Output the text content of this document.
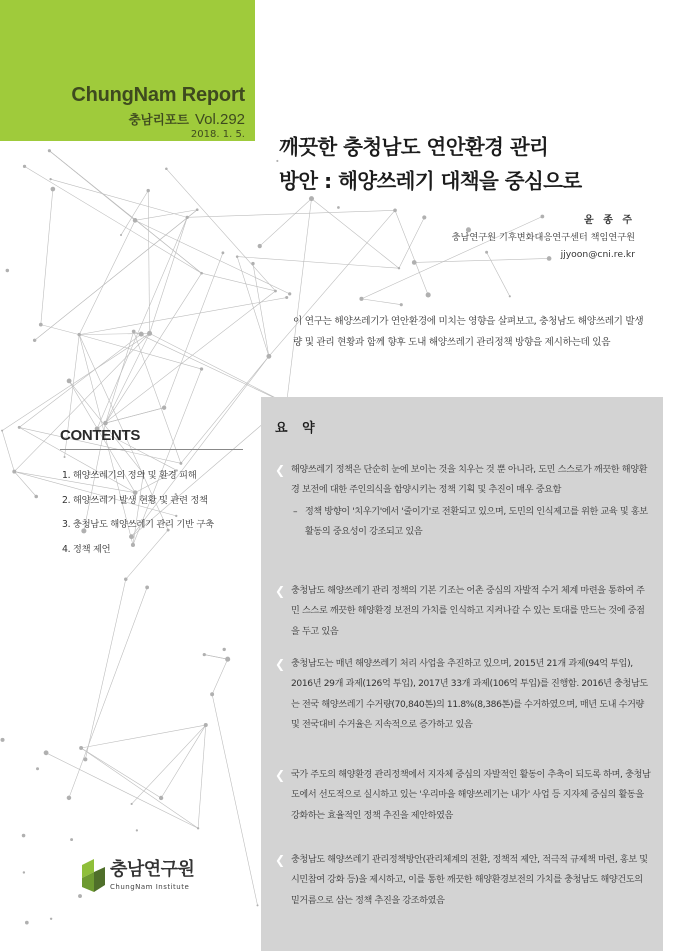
ChungNam Report
충남리포트 Vol.292
2018. 1. 5.
깨끗한 충청남도 연안환경 관리
방안 : 해양쓰레기 대책을 중심으로
윤 종 주
충남연구원 기후변화대응연구센터 책임연구원
jjyoon@cni.re.kr
이 연구는 해양쓰레기가 연안환경에 미치는 영향을 살펴보고, 충청남도 해양쓰레기 발생량 및 관리 현황과 함께 향후 도내 해양쓰레기 관리정책 방향을 제시하는데 있음
CONTENTS
1. 해양쓰레기의 정의 및 환경 피해
2. 해양쓰레기 발생 현황 및 관련 정책
3. 충청남도 해양쓰레기 관리 기반 구축
4. 정책 제언
요 약
❮ 해양쓰레기 정책은 단순히 눈에 보이는 것을 치우는 것 뿐 아니라, 도민 스스로가 깨끗한 해양환경 보전에 대한 주인의식을 함양시키는 정책 기획 및 추진이 매우 중요함
– 정책 방향이 '치우기'에서 '줄이기'로 전환되고 있으며, 도민의 인식제고를 위한 교육 및 홍보 활동의 중요성이 강조되고 있음
❮ 충청남도 해양쓰레기 관리 정책의 기본 기조는 어촌 중심의 자발적 수거 체계 마련을 통하여 주민 스스로 깨끗한 해양환경 보전의 가치를 인식하고 지켜나갈 수 있는 토대를 만드는 것에 중점을 두고 있음
❮ 충청남도는 매년 해양쓰레기 처리 사업을 추진하고 있으며, 2015년 21개 과제(94억 투입), 2016년 29개 과제(126억 투입), 2017년 33개 과제(106억 투입)를 진행함. 2016년 충청남도는 전국 해양쓰레기 수거량(70,840톤)의 11.8%(8,386톤)를 수거하였으며, 매년 도내 수거량 및 전국대비 수거율은 지속적으로 증가하고 있음
❮ 국가 주도의 해양환경 관리정책에서 지자체 중심의 자발적인 활동이 추축이 되도록 하며, 충청남도에서 선도적으로 실시하고 있는 '우리마을 해양쓰레기는 내가' 사업 등 지자체 중심의 활동을 강화하는 효율적인 정책 추진을 제안하였음
❮ 충청남도 해양쓰레기 관리정책방안(관리체계의 전환, 정책적 제안, 적극적 규제책 마련, 홍보 및 시민참여 강화 등)을 제시하고, 이를 통한 깨끗한 해양환경보전의 가치를 충청남도 해양건도의 밑거름으로 삼는 정책 추진을 강조하였음
충남연구원
ChungNam Institute
